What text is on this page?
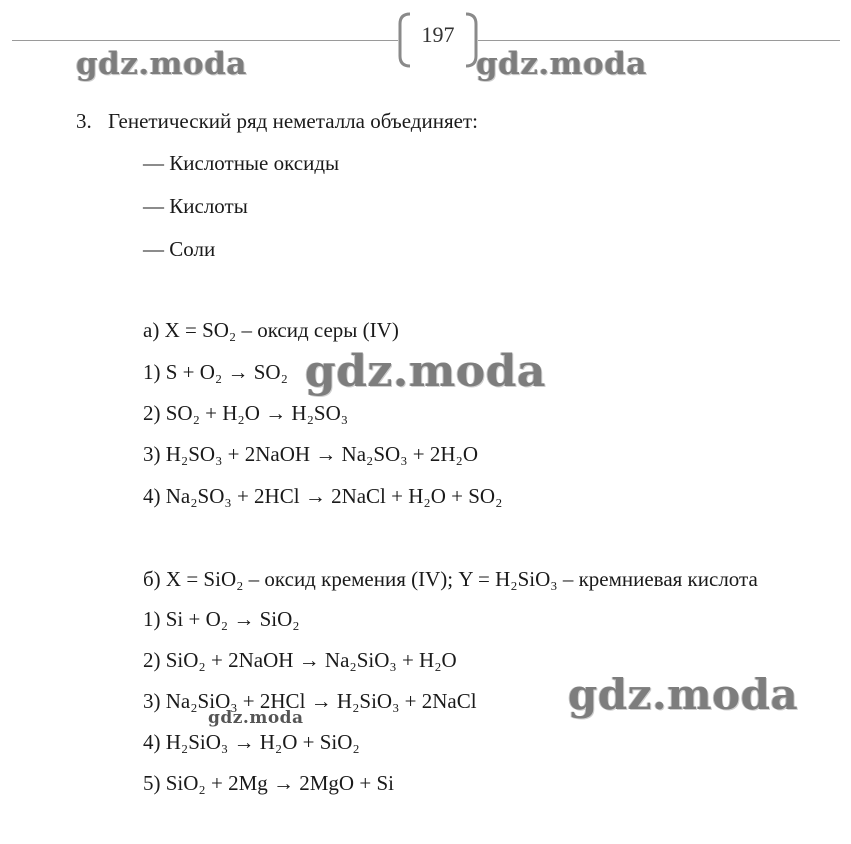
197
gdz.moda	gdz.moda
3. Генетический ряд неметалла объединяет:
— Кислотные оксиды
— Кислоты
— Соли
а) X = SO₂ – оксид серы (IV)
1) S + O₂ → SO₂
2) SO₂ + H₂O → H₂SO₃
3) H₂SO₃ + 2NaOH → Na₂SO₃ + 2H₂O
4) Na₂SO₃ + 2HCl → 2NaCl + H₂O + SO₂
б) X = SiO₂ – оксид кремения (IV); Y = H₂SiO₃ – кремниевая кислота
1) Si + O₂ → SiO₂
2) SiO₂ + 2NaOH → Na₂SiO₃ + H₂O
3) Na₂SiO₃ + 2HCl → H₂SiO₃ + 2NaCl
4) H₂SiO₃ → H₂O + SiO₂
5) SiO₂ + 2Mg → 2MgO + Si
gdz.moda
gdz.moda
gdz.moda
